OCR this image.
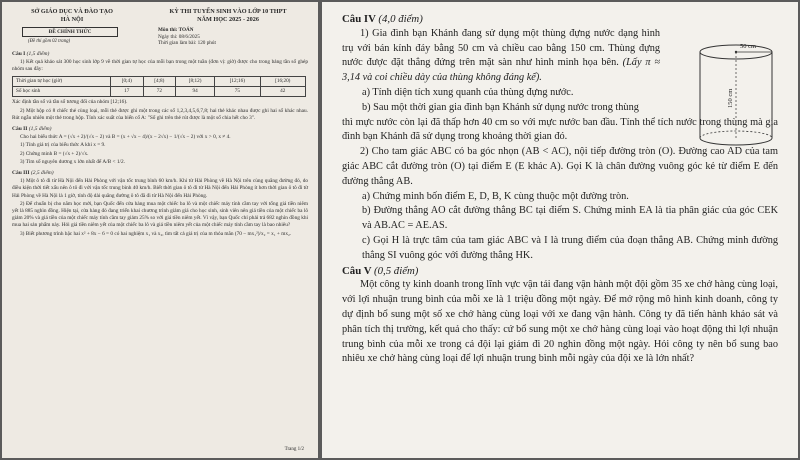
SỞ GIÁO DỤC VÀ ĐÀO TẠO
HÀ NỘI
KỲ THI TUYỂN SINH VÀO LỚP 10 THPT
NĂM HỌC 2025 - 2026
ĐỀ CHÍNH THỨC
(Đề thi gồm 02 trang)
Môn thi: TOÁN
Ngày thi: 08/6/2025
Thời gian làm bài: 120 phút
Câu I (1,5 điểm)

1) Kết quả khảo sát 300 học sinh lớp 9 về thời gian tự học của mỗi bạn trong một tuần (đơn vị: giờ) được cho trong bảng tần số ghép nhóm sau đây:

Thời gian tự học (giờ)	[0;4)	[4;8)	[8;12)	[12;16)	[16;20)
Số học sinh	17	72	94	75	42

Xác định tần số và tần số tương đối của nhóm [12;16).

2) Một hộp có 8 chiếc thẻ cùng loại, mỗi thẻ được ghi một trong các số 1,2,3,4,5,6,7,8; hai thẻ khác nhau được ghi hai số khác nhau. Rút ngẫu nhiên một thẻ trong hộp. Tính xác suất của biến cố A: "Số ghi trên thẻ rút được là một số chia hết cho 3".

Câu II (1,5 điểm)

Cho hai biểu thức A = (√x + 2)/(√x − 2) và B = (x + √x − 4)/(x − 2√x) − 1/(√x − 2) với x > 0, x ≠ 4.

1) Tính giá trị của biểu thức A khi x = 9.

2) Chứng minh B = (√x + 2)/√x.

3) Tìm số nguyên dương x lớn nhất để A/B < 1/2.

Câu III (2,5 điểm)

1) Một ô tô đi từ Hà Nội đến Hải Phòng với vận tốc trung bình 60 km/h. Khi từ Hải Phòng về Hà Nội trên cùng quãng đường đó, do điều kiện thời tiết xấu nên ô tô đi với vận tốc trung bình 40 km/h. Biết thời gian ô tô đi từ Hà Nội đến Hải Phòng ít hơn thời gian ô tô đi từ Hải Phòng về Hà Nội là 1 giờ, tính độ dài quãng đường ô tô đã đi từ Hà Nội đến Hải Phòng.

2) Để chuẩn bị cho năm học mới, bạn Quốc đến cửa hàng mua một chiếc ba lô và một chiếc máy tính cầm tay với tổng giá tiền niêm yết là 885 nghìn đồng. Hiện tại, cửa hàng đó đang triển khai chương trình giảm giá cho học sinh, sinh viên nên giá tiền của một chiếc ba lô giảm 20% và giá tiền của một chiếc máy tính cầm tay giảm 25% so với giá tiền niêm yết. Vì vậy, bạn Quốc chỉ phải trả 682 nghìn đồng khi mua hai sản phẩm này. Hỏi giá tiền niêm yết của một chiếc ba lô và giá tiền niêm yết của một chiếc máy tính cầm tay là bao nhiêu?

3) Biết phương trình bậc hai x² + 8x − 6 = 0 có hai nghiệm x₁ và x₂, tìm tất cả giá trị của m thỏa mãn (70 − mx₁²)/x₂ = x₁ + mx₂.

Trang 1/2
50 cm
150 cm
Câu IV (4,0 điểm)

1) Gia đình bạn Khánh đang sử dụng một thùng đựng nước dạng hình trụ với bán kính đáy bằng 50 cm và chiều cao bằng 150 cm. Thùng đựng nước được đặt thẳng đứng trên mặt sàn như hình minh họa bên. (Lấy π ≈ 3,14 và coi chiều dày của thùng không đáng kể).

a) Tính diện tích xung quanh của thùng đựng nước.

b) Sau một thời gian gia đình bạn Khánh sử dụng nước trong thùng

thì mực nước còn lại đã thấp hơn 40 cm so với mực nước ban đầu. Tính thể tích nước trong thùng mà gia đình bạn Khánh đã sử dụng trong khoảng thời gian đó.

2) Cho tam giác ABC có ba góc nhọn (AB < AC), nội tiếp đường tròn (O). Đường cao AD của tam giác ABC cắt đường tròn (O) tại điểm E (E khác A). Gọi K là chân đường vuông góc kẻ từ điểm E đến đường thẳng AB.

a) Chứng minh bốn điểm E, D, B, K cùng thuộc một đường tròn.

b) Đường thẳng AO cắt đường thẳng BC tại điểm S. Chứng minh EA là tia phân giác của góc CEK và AB.AC = AE.AS.

c) Gọi H là trực tâm của tam giác ABC và I là trung điểm của đoạn thẳng AB. Chứng minh đường thẳng SI vuông góc với đường thẳng HK.

Câu V (0,5 điểm)

Một công ty kinh doanh trong lĩnh vực vận tải đang vận hành một đội gồm 35 xe chở hàng cùng loại, với lợi nhuận trung bình của mỗi xe là 1 triệu đồng một ngày. Để mở rộng mô hình kinh doanh, công ty dự định bổ sung một số xe chở hàng cùng loại với xe đang vận hành. Công ty đã tiến hành khảo sát và phân tích thị trường, kết quả cho thấy: cứ bổ sung một xe chở hàng cùng loại vào hoạt động thì lợi nhuận trung bình của mỗi xe trong cả đội lại giảm đi 20 nghìn đồng một ngày. Hỏi công ty nên bổ sung bao nhiêu xe chở hàng cùng loại để lợi nhuận trung bình mỗi ngày của đội xe là lớn nhất?
